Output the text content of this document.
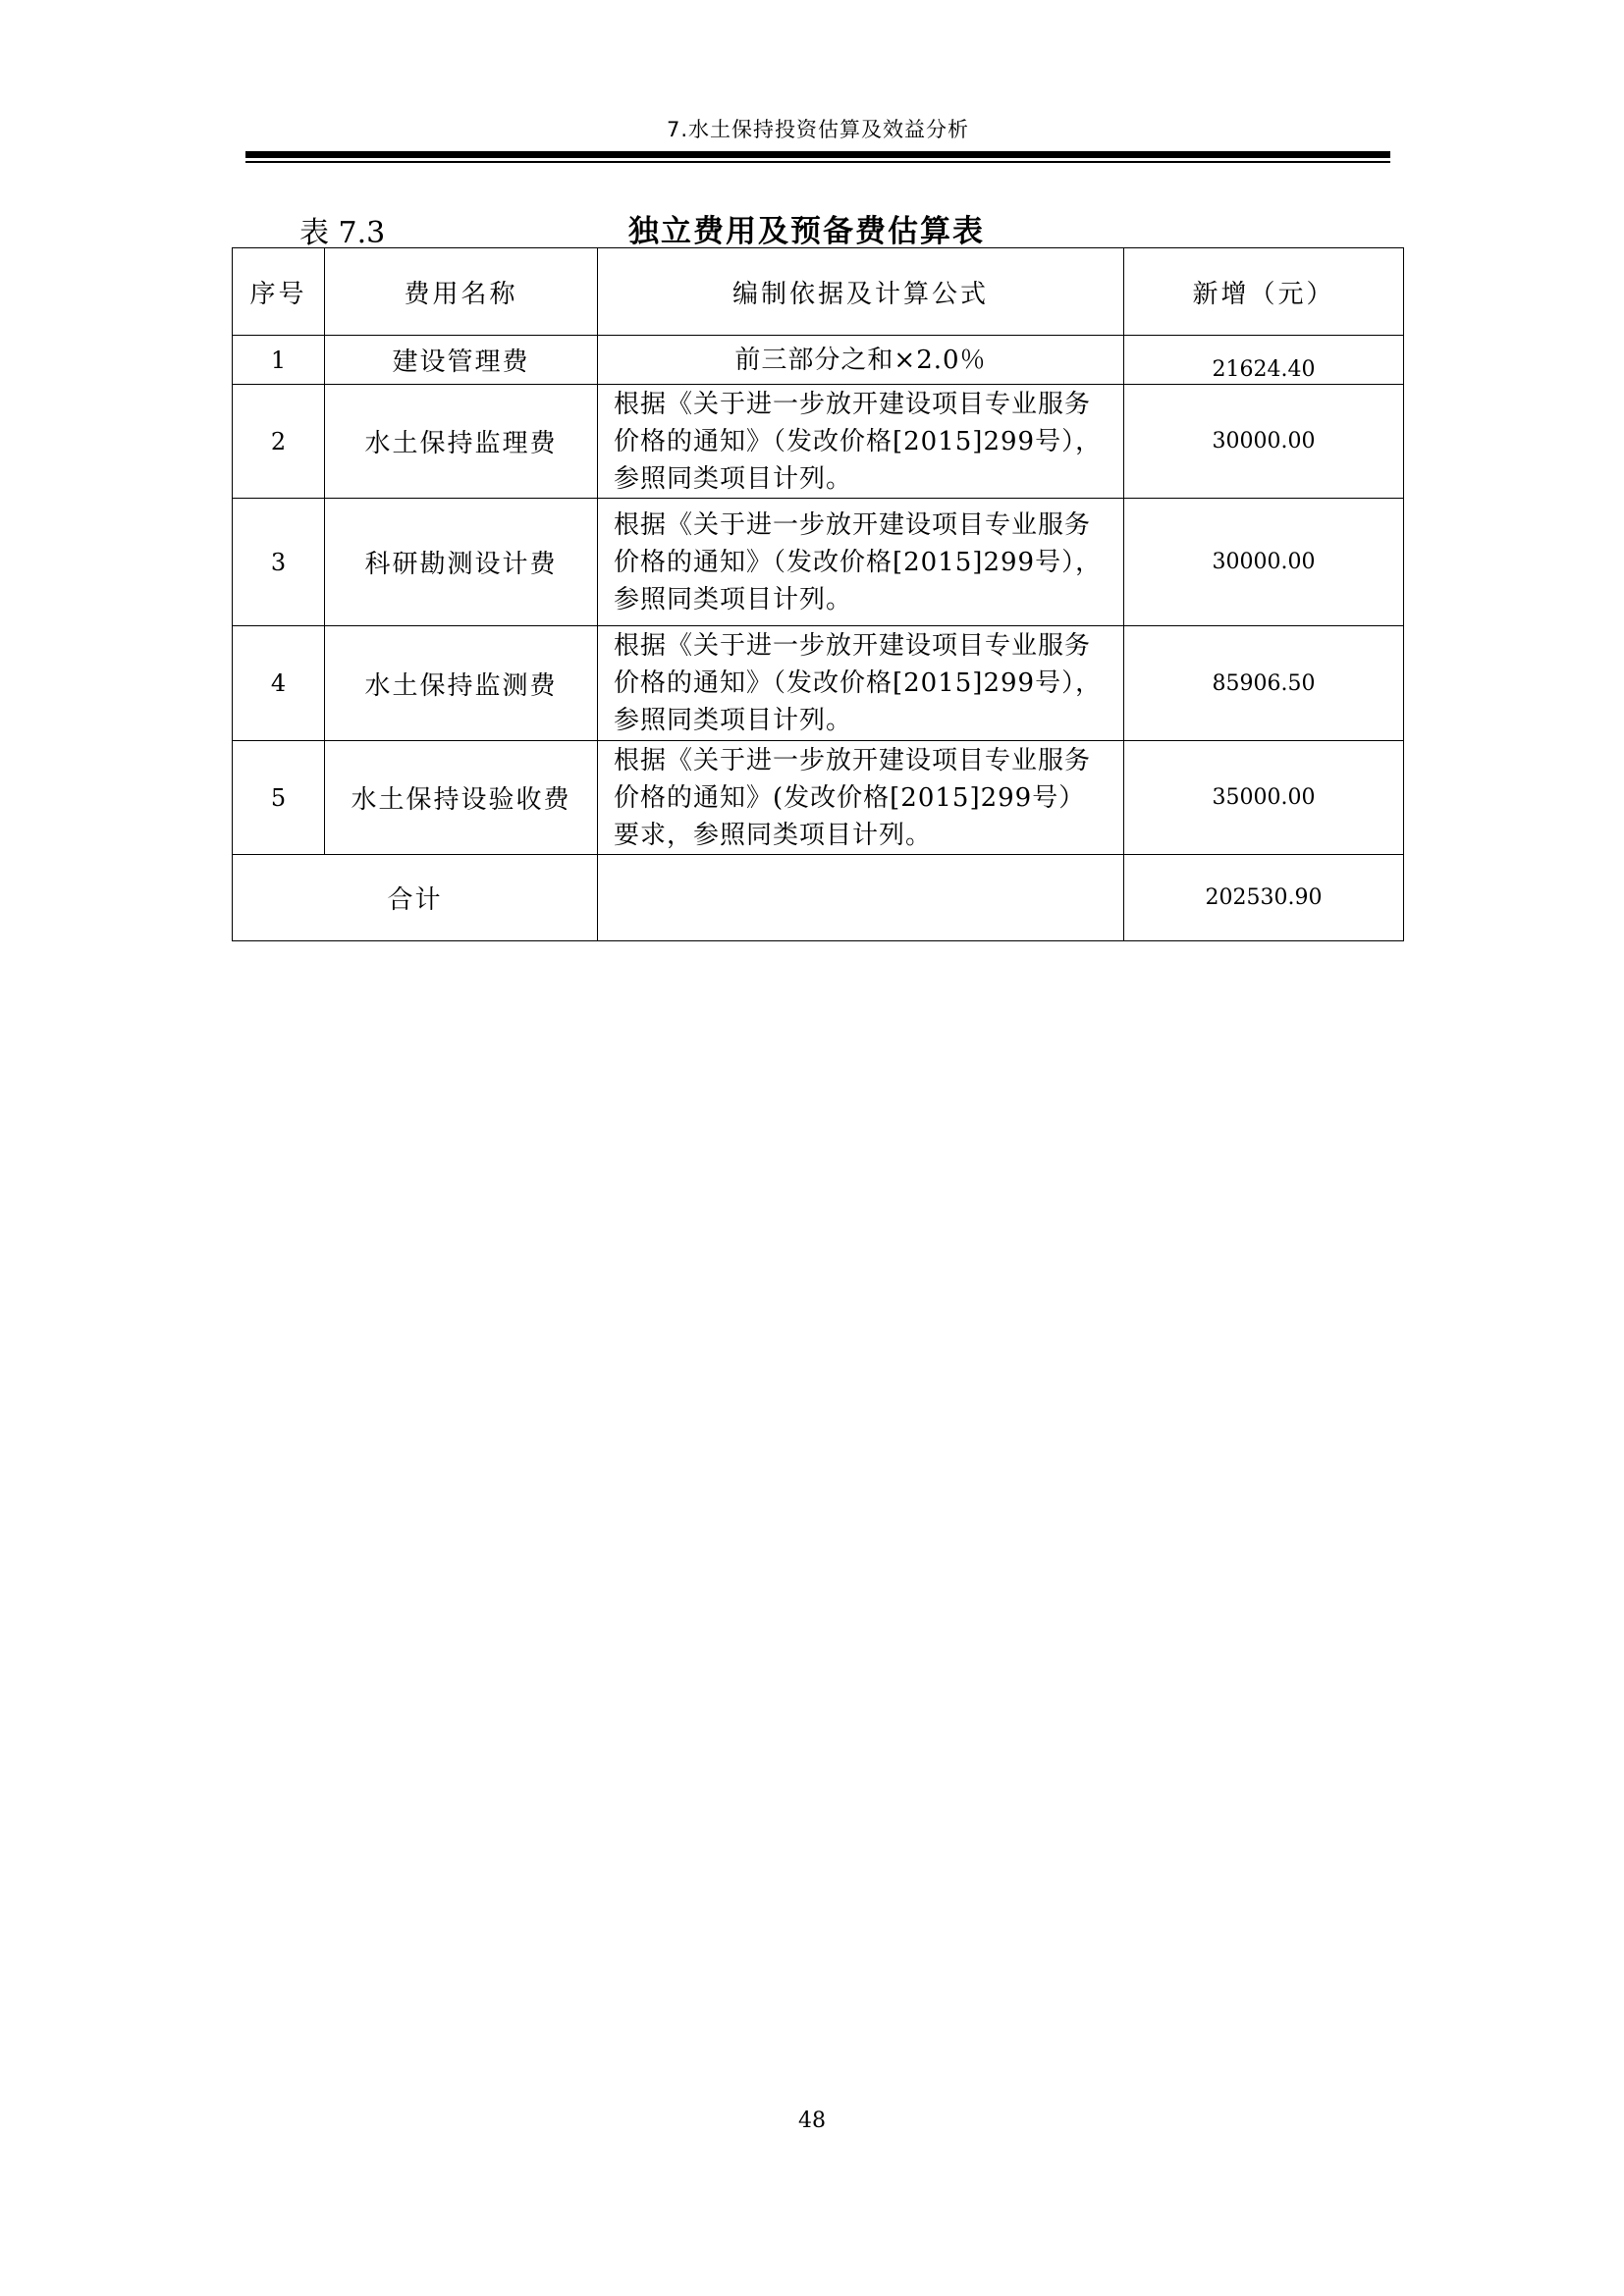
7.水土保持投资估算及效益分析
表 7.3	独立费用及预备费估算表
序号	费用名称	编制依据及计算公式	新增（元）
1	建设管理费	前三部分之和×2.0％	21624.40
2	水土保持监理费	根据《关于进一步放开建设项目专业服务价格的通知》（发改价格[2015]299号），参照同类项目计列。	30000.00
3	科研勘测设计费	根据《关于进一步放开建设项目专业服务价格的通知》（发改价格[2015]299号），参照同类项目计列。	30000.00
4	水土保持监测费	根据《关于进一步放开建设项目专业服务价格的通知》（发改价格[2015]299号），参照同类项目计列。	85906.50
5	水土保持设验收费	根据《关于进一步放开建设项目专业服务价格的通知》(发改价格[2015]299号）要求，参照同类项目计列。	35000.00
合计			202530.90
48
